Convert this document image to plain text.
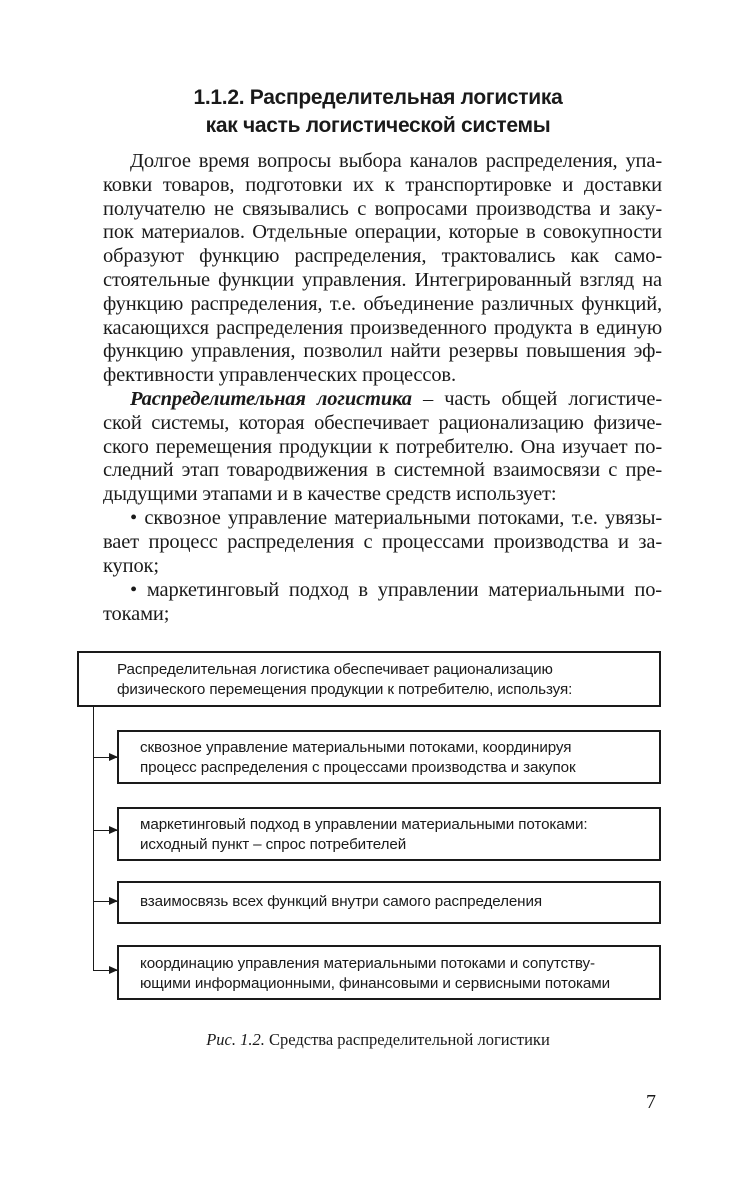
1.1.2. Распределительная логистика
как часть логистической системы
Долгое время вопросы выбора каналов распределения, упа-
ковки товаров, подготовки их к транспортировке и доставки
получателю не связывались с вопросами производства и заку-
пок материалов. Отдельные операции, которые в совокупности
образуют функцию распределения, трактовались как само-
стоятельные функции управления. Интегрированный взгляд на
функцию распределения, т.е. объединение различных функций,
касающихся распределения произведенного продукта в единую
функцию управления, позволил найти резервы повышения эф-
фективности управленческих процессов.
Распределительная логистика – часть общей логистиче-
ской системы, которая обеспечивает рационализацию физиче-
ского перемещения продукции к потребителю. Она изучает по-
следний этап товародвижения в системной взаимосвязи с пре-
дыдущими этапами и в качестве средств использует:
• сквозное управление материальными потоками, т.е. увязы-
вает процесс распределения с процессами производства и за-
купок;
• маркетинговый подход в управлении материальными по-
токами;
Распределительная логистика обеспечивает рационализацию
физического перемещения продукции к потребителю, используя:
сквозное управление материальными потоками, координируя
процесс распределения с процессами производства и закупок
маркетинговый подход в управлении материальными потоками:
исходный пункт – спрос потребителей
взаимосвязь всех функций внутри самого распределения
координацию управления материальными потоками и сопутству-
ющими информационными, финансовыми и сервисными потоками
Рис. 1.2. Средства распределительной логистики
7
